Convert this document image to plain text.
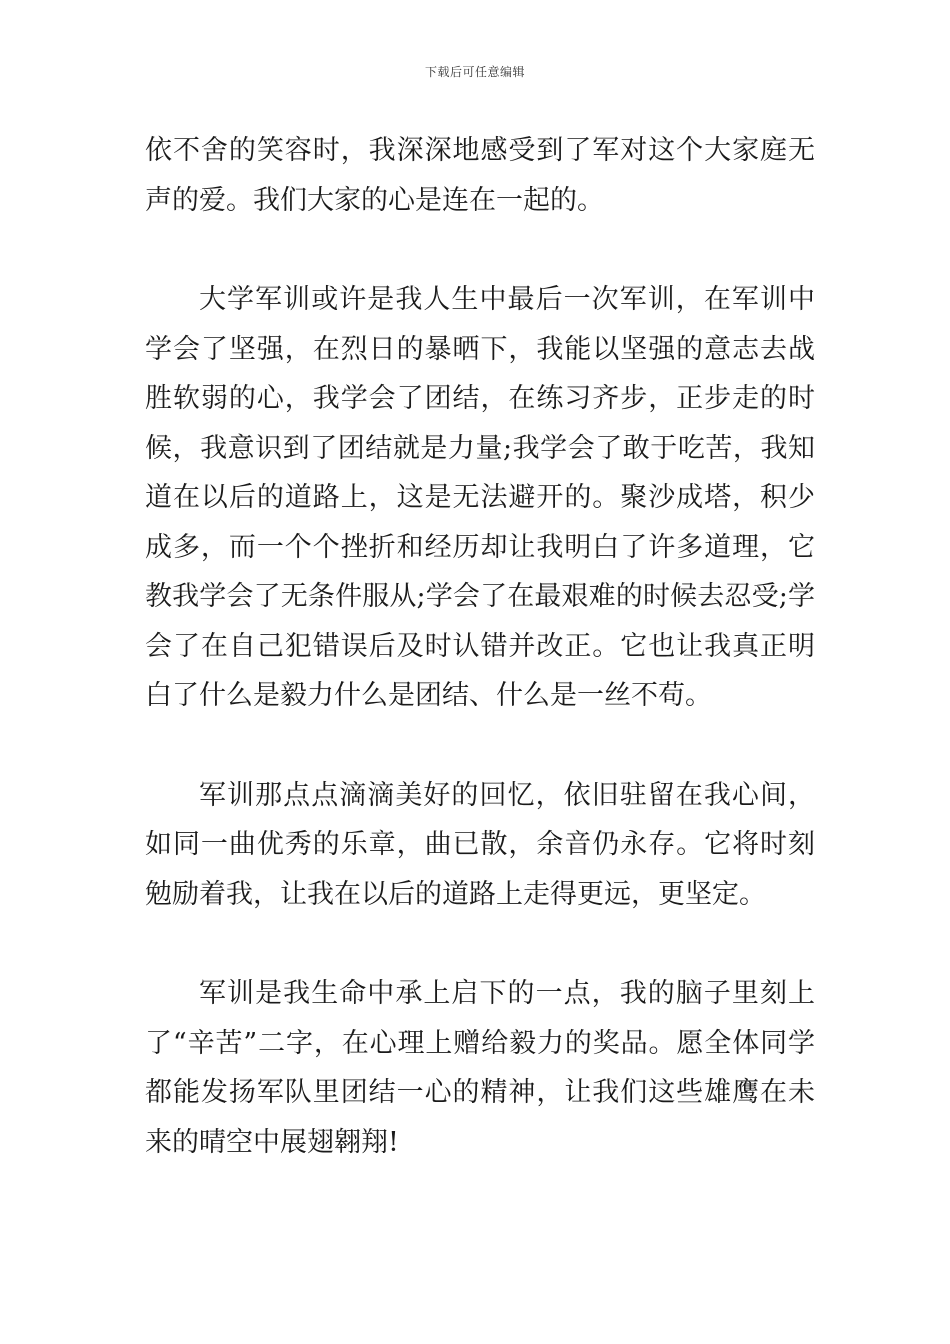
下载后可任意编辑

依不舍的笑容时，我深深地感受到了军对这个大家庭无声的爱。我们大家的心是连在一起的。

大学军训或许是我人生中最后一次军训，在军训中学会了坚强，在烈日的暴晒下，我能以坚强的意志去战胜软弱的心，我学会了团结，在练习齐步，正步走的时候，我意识到了团结就是力量;我学会了敢于吃苦，我知道在以后的道路上，这是无法避开的。聚沙成塔，积少成多，而一个个挫折和经历却让我明白了许多道理，它教我学会了无条件服从;学会了在最艰难的时候去忍受;学会了在自己犯错误后及时认错并改正。它也让我真正明白了什么是毅力什么是团结、什么是一丝不苟。

军训那点点滴滴美好的回忆，依旧驻留在我心间，如同一曲优秀的乐章，曲已散，余音仍永存。它将时刻勉励着我，让我在以后的道路上走得更远，更坚定。

军训是我生命中承上启下的一点，我的脑子里刻上了“辛苦”二字，在心理上赠给毅力的奖品。愿全体同学都能发扬军队里团结一心的精神，让我们这些雄鹰在未来的晴空中展翅翱翔!
